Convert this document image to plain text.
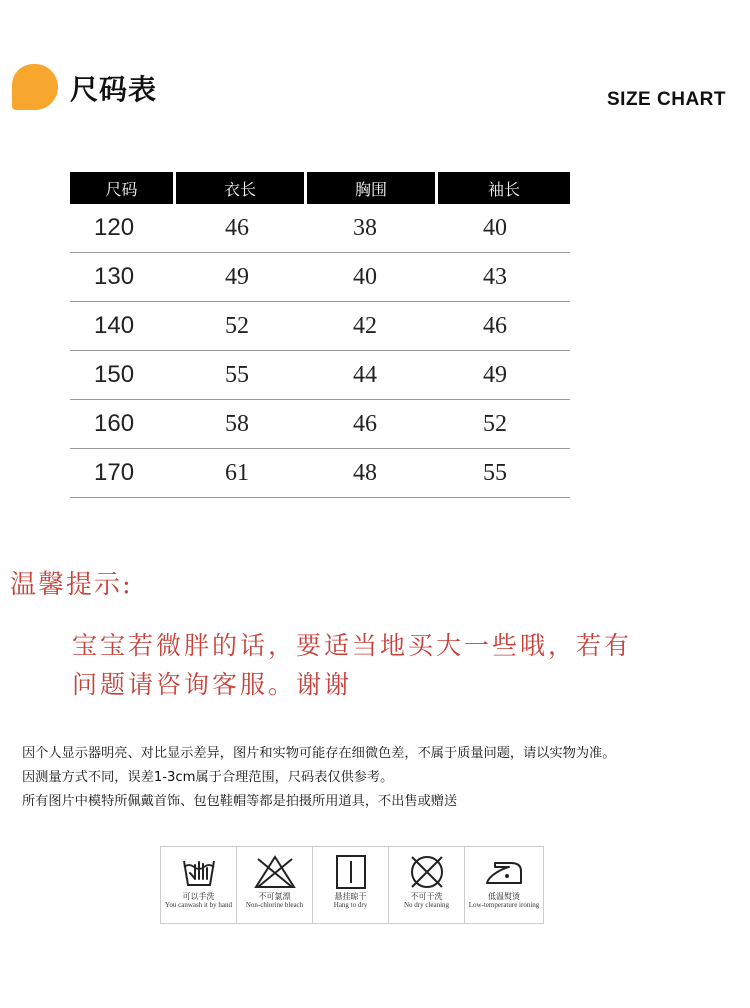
尺码表	SIZE CHART
尺码	衣长	胸围	袖长
120	46	38	40
130	49	40	43
140	52	42	46
150	55	44	49
160	58	46	52
170	61	48	55
温馨提示:
宝宝若微胖的话，要适当地买大一些哦，若有
问题请咨询客服。谢谢
因个人显示器明亮、对比显示差异，图片和实物可能存在细微色差，不属于质量问题，请以实物为准。
因测量方式不同，误差1-3cm属于合理范围，尺码表仅供参考。
所有图片中模特所佩戴首饰、包包鞋帽等都是拍摄所用道具，不出售或赠送
可以手洗
You canwash it by hand
不可氯漂
Non-chlorine bleach
悬挂晾干
Hang to dry
不可干洗
No dry cleaning
低温熨烫
Low-temperature ironing
